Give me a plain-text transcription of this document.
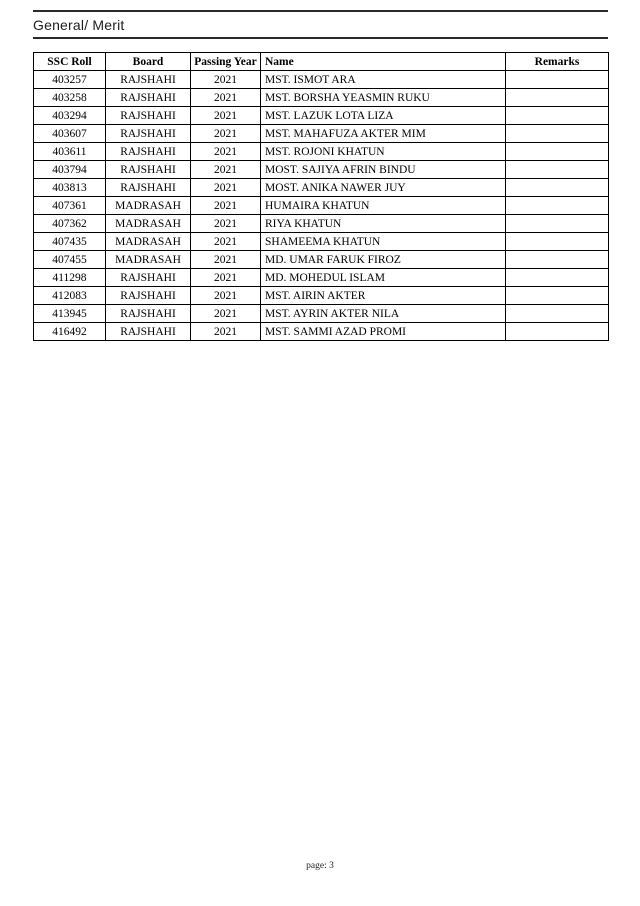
General/ Merit
SSC Roll	Board	Passing Year	Name	Remarks
403257	RAJSHAHI	2021	MST. ISMOT ARA	
403258	RAJSHAHI	2021	MST. BORSHA YEASMIN RUKU	
403294	RAJSHAHI	2021	MST. LAZUK LOTA LIZA	
403607	RAJSHAHI	2021	MST. MAHAFUZA AKTER MIM	
403611	RAJSHAHI	2021	MST. ROJONI KHATUN	
403794	RAJSHAHI	2021	MOST. SAJIYA AFRIN BINDU	
403813	RAJSHAHI	2021	MOST. ANIKA NAWER JUY	
407361	MADRASAH	2021	HUMAIRA KHATUN	
407362	MADRASAH	2021	RIYA KHATUN	
407435	MADRASAH	2021	SHAMEEMA KHATUN	
407455	MADRASAH	2021	MD. UMAR FARUK FIROZ	
411298	RAJSHAHI	2021	MD. MOHEDUL ISLAM	
412083	RAJSHAHI	2021	MST. AIRIN AKTER	
413945	RAJSHAHI	2021	MST. AYRIN AKTER NILA	
416492	RAJSHAHI	2021	MST. SAMMI AZAD PROMI	
page: 3
